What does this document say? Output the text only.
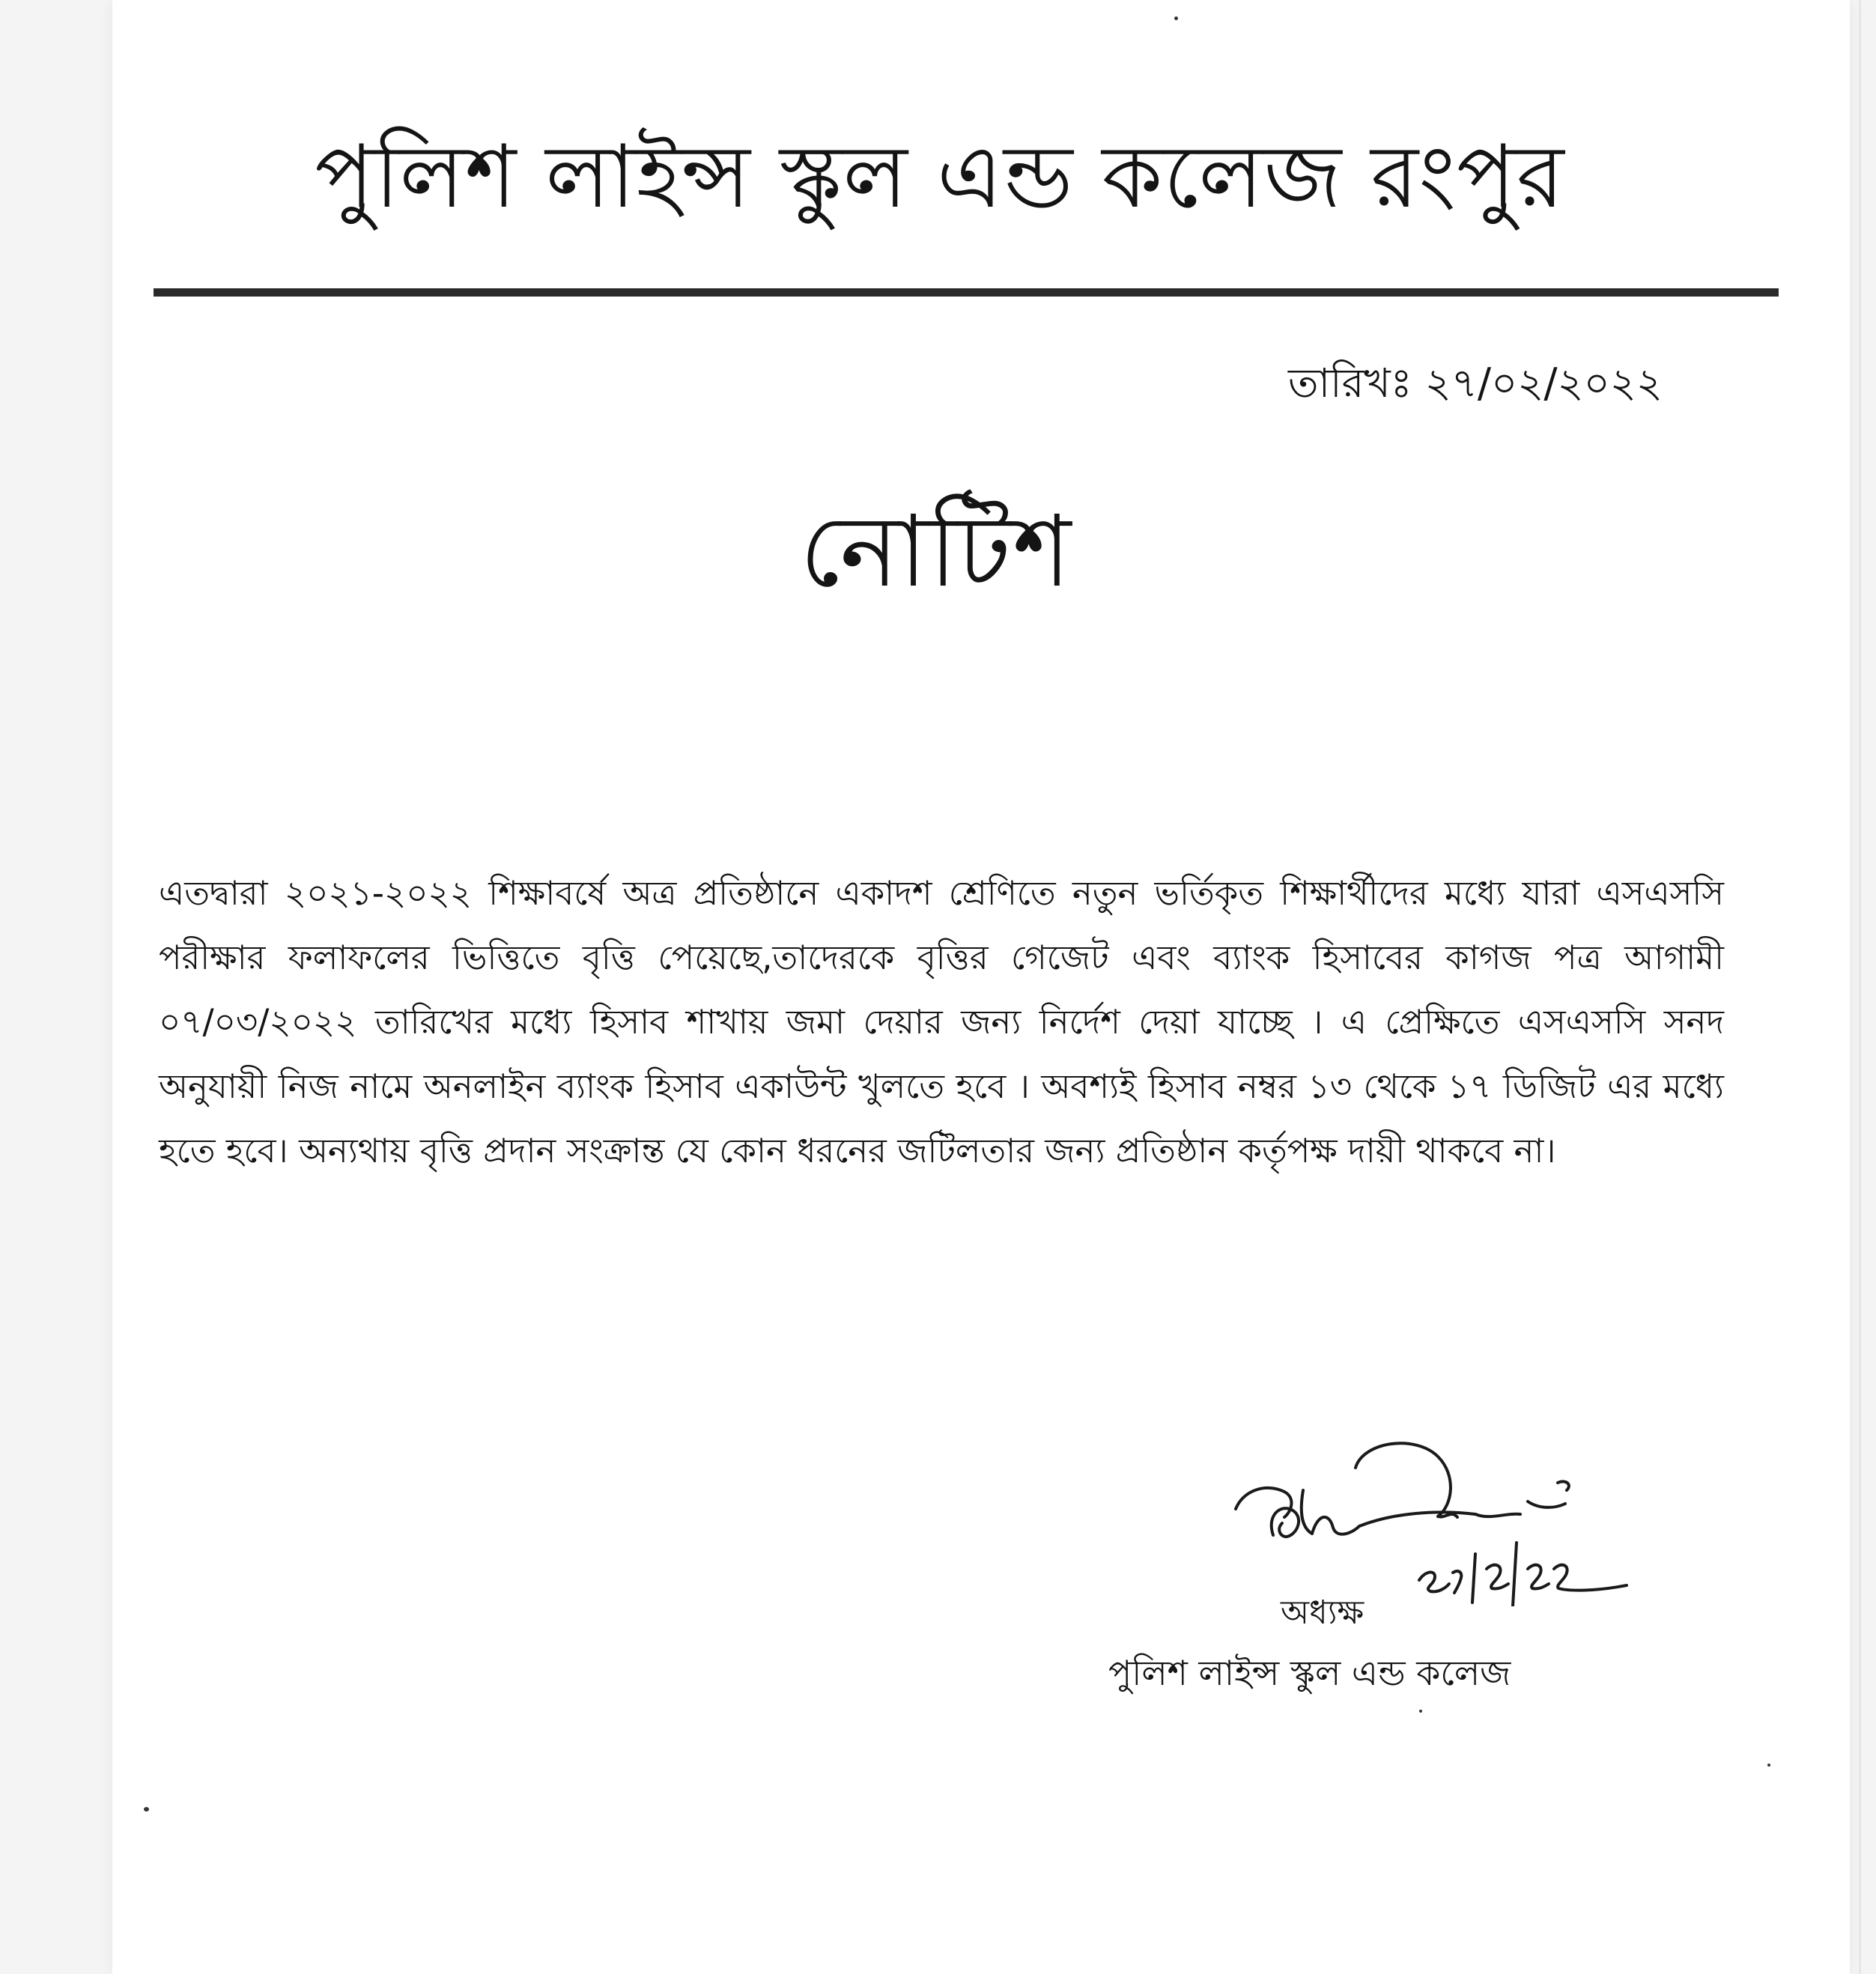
পুলিশ লাইন্স স্কুল এন্ড কলেজ রংপুর
তারিখঃ ২৭/০২/২০২২
নোটিশ
এতদ্বারা ২০২১-২০২২ শিক্ষাবর্ষে অত্র প্রতিষ্ঠানে একাদশ শ্রেণিতে নতুন ভর্তিকৃত শিক্ষার্থীদের মধ্যে যারা এসএসসি পরীক্ষার ফলাফলের ভিত্তিতে বৃত্তি পেয়েছে,তাদেরকে বৃত্তির গেজেট এবং ব্যাংক হিসাবের কাগজ পত্র আগামী ০৭/০৩/২০২২ তারিখের মধ্যে হিসাব শাখায় জমা দেয়ার জন্য নির্দেশ দেয়া যাচ্ছে । এ প্রেক্ষিতে এসএসসি সনদ অনুযায়ী নিজ নামে অনলাইন ব্যাংক হিসাব একাউন্ট খুলতে হবে । অবশ্যই হিসাব নম্বর ১৩ থেকে ১৭ ডিজিট এর মধ্যে হতে হবে। অন্যথায় বৃত্তি প্রদান সংক্রান্ত যে কোন ধরনের জটিলতার জন্য প্রতিষ্ঠান কর্তৃপক্ষ দায়ী থাকবে না।
অধ্যক্ষ
পুলিশ লাইন্স স্কুল এন্ড কলেজ
